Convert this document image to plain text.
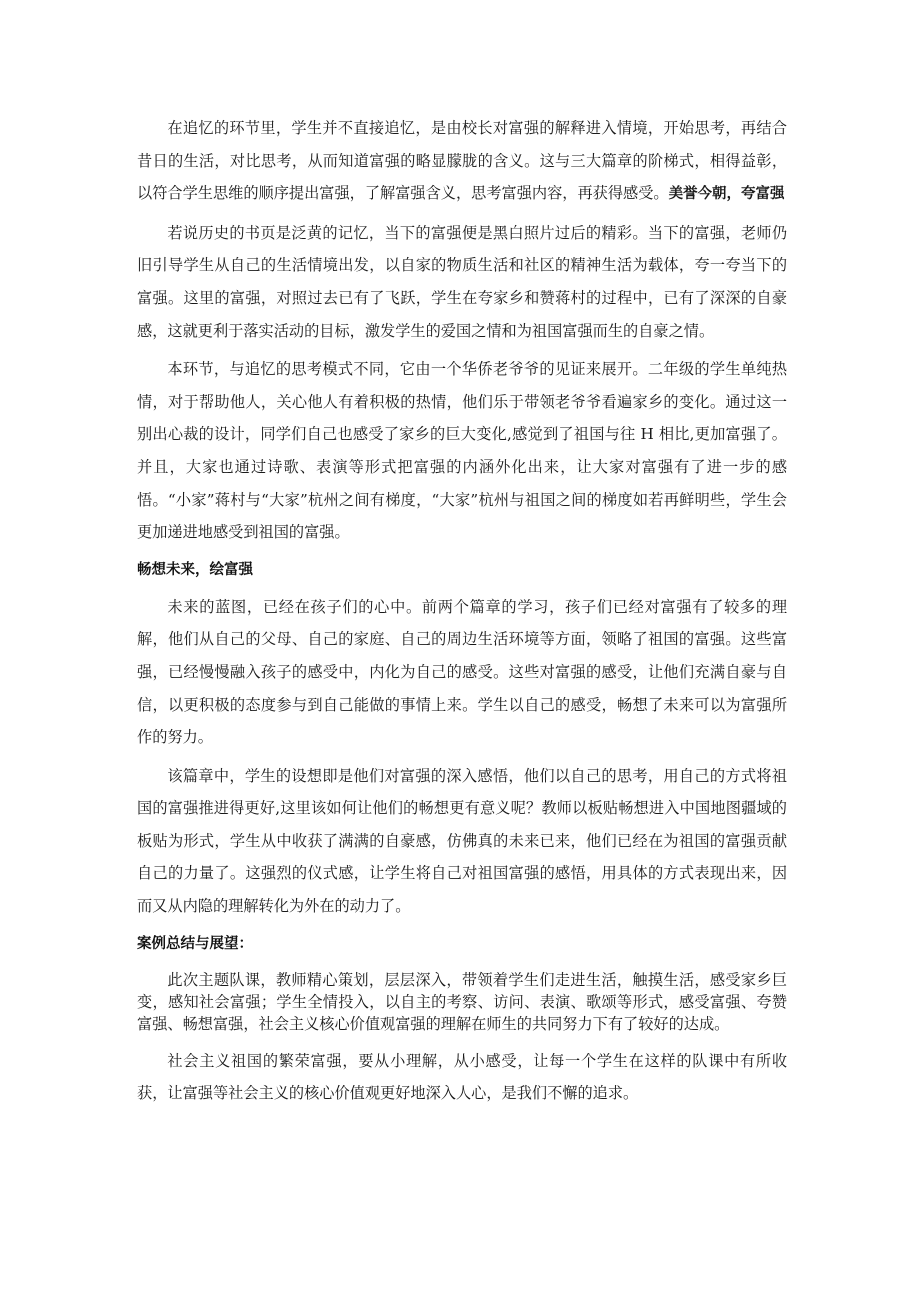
在追忆的环节里，学生并不直接追忆，是由校长对富强的解释进入情境，开始思考，再结合昔日的生活，对比思考，从而知道富强的略显朦胧的含义。这与三大篇章的阶梯式，相得益彰，以符合学生思维的顺序提出富强，了解富强含义，思考富强内容，再获得感受。美誉今朝，夸富强

若说历史的书页是泛黄的记忆，当下的富强便是黑白照片过后的精彩。当下的富强，老师仍旧引导学生从自己的生活情境出发，以自家的物质生活和社区的精神生活为载体，夸一夸当下的富强。这里的富强，对照过去已有了飞跃，学生在夸家乡和赞蒋村的过程中，已有了深深的自豪感，这就更利于落实活动的目标，激发学生的爱国之情和为祖国富强而生的自豪之情。

本环节，与追忆的思考模式不同，它由一个华侨老爷爷的见证来展开。二年级的学生单纯热情，对于帮助他人，关心他人有着积极的热情，他们乐于带领老爷爷看遍家乡的变化。通过这一别出心裁的设计，同学们自己也感受了家乡的巨大变化,感觉到了祖国与往 H 相比,更加富强了。并且，大家也通过诗歌、表演等形式把富强的内涵外化出来，让大家对富强有了进一步的感悟。“小家”蒋村与“大家”杭州之间有梯度，“大家”杭州与祖国之间的梯度如若再鲜明些，学生会更加递进地感受到祖国的富强。

畅想未来，绘富强

未来的蓝图，已经在孩子们的心中。前两个篇章的学习，孩子们已经对富强有了较多的理解，他们从自己的父母、自己的家庭、自己的周边生活环境等方面，领略了祖国的富强。这些富强，已经慢慢融入孩子的感受中，内化为自己的感受。这些对富强的感受，让他们充满自豪与自信，以更积极的态度参与到自己能做的事情上来。学生以自己的感受，畅想了未来可以为富强所作的努力。

该篇章中，学生的设想即是他们对富强的深入感悟，他们以自己的思考，用自己的方式将祖国的富强推进得更好,这里该如何让他们的畅想更有意义呢？教师以板贴畅想进入中国地图疆域的板贴为形式，学生从中收获了满满的自豪感，仿佛真的未来已来，他们已经在为祖国的富强贡献自己的力量了。这强烈的仪式感，让学生将自己对祖国富强的感悟，用具体的方式表现出来，因而又从内隐的理解转化为外在的动力了。

案例总结与展望：

此次主题队课，教师精心策划，层层深入，带领着学生们走进生活，触摸生活，感受家乡巨变，感知社会富强；学生全情投入，以自主的考察、访问、表演、歌颂等形式，感受富强、夸赞富强、畅想富强，社会主义核心价值观富强的理解在师生的共同努力下有了较好的达成。

社会主义祖国的繁荣富强，要从小理解，从小感受，让每一个学生在这样的队课中有所收获，让富强等社会主义的核心价值观更好地深入人心，是我们不懈的追求。
